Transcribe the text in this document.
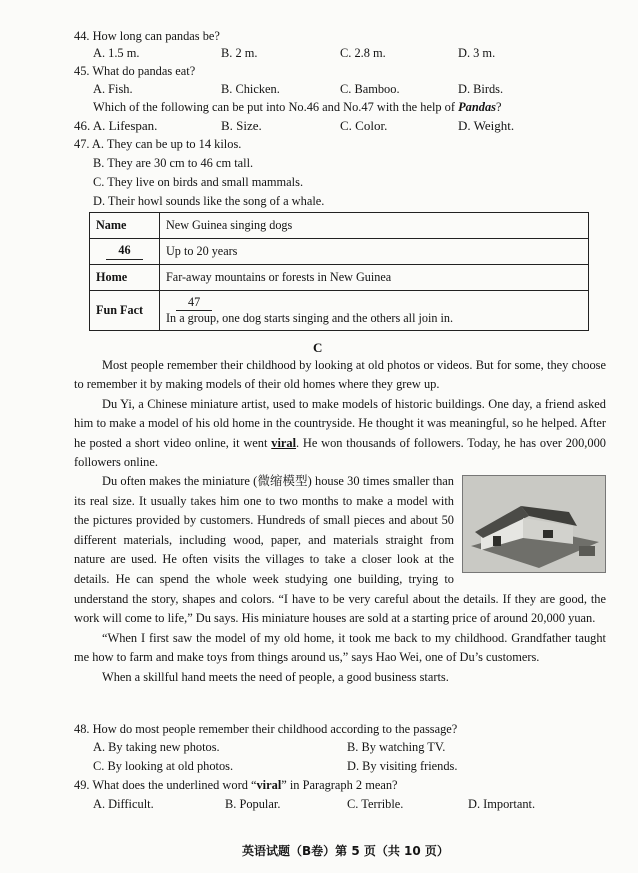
44. How long can pandas be?
A. 1.5 m.	B. 2 m.	C. 2.8 m.	D. 3 m.
45. What do pandas eat?
A. Fish.	B. Chicken.	C. Bamboo.	D. Birds.
Which of the following can be put into No.46 and No.47 with the help of Pandas?
46. A. Lifespan.	B. Size.	C. Color.	D. Weight.
47. A. They can be up to 14 kilos.
B. They are 30 cm to 46 cm tall.
C. They live on birds and small mammals.
D. Their howl sounds like the song of a whale.
Name	New Guinea singing dogs
46	Up to 20 years
Home	Far-away mountains or forests in New Guinea
Fun Fact	47
In a group, one dog starts singing and the others all join in.
C

Most people remember their childhood by looking at old photos or videos. But for some, they choose to remember it by making models of their old homes where they grew up.

Du Yi, a Chinese miniature artist, used to make models of historic buildings. One day, a friend asked him to make a model of his old home in the countryside. He thought it was meaningful, so he helped. After he posted a short video online, it went viral. He won thousands of followers. Today, he has over 200,000 followers online.

Du often makes the miniature (微缩模型) house 30 times smaller than its real size. It usually takes him one to two months to make a model with the pictures provided by customers. Hundreds of small pieces and about 50 different materials, including wood, paper, and materials straight from nature are used. He often visits the villages to take a closer look at the details. He can spend the whole week studying one building, trying to understand the story, shapes and colors. “I have to be very careful about the details. If they are good, the work will come to life,” Du says. His miniature houses are sold at a starting price of around 20,000 yuan.

“When I first saw the model of my old home, it took me back to my childhood. Grandfather taught me how to farm and make toys from things around us,” says Hao Wei, one of Du’s customers.

When a skillful hand meets the need of people, a good business starts.

48. How do most people remember their childhood according to the passage?
A. By taking new photos.	B. By watching TV.
C. By looking at old photos.	D. By visiting friends.
49. What does the underlined word “viral” in Paragraph 2 mean?
A. Difficult.	B. Popular.	C. Terrible.	D. Important.
英语试题（B卷）第 5 页（共 10 页）
